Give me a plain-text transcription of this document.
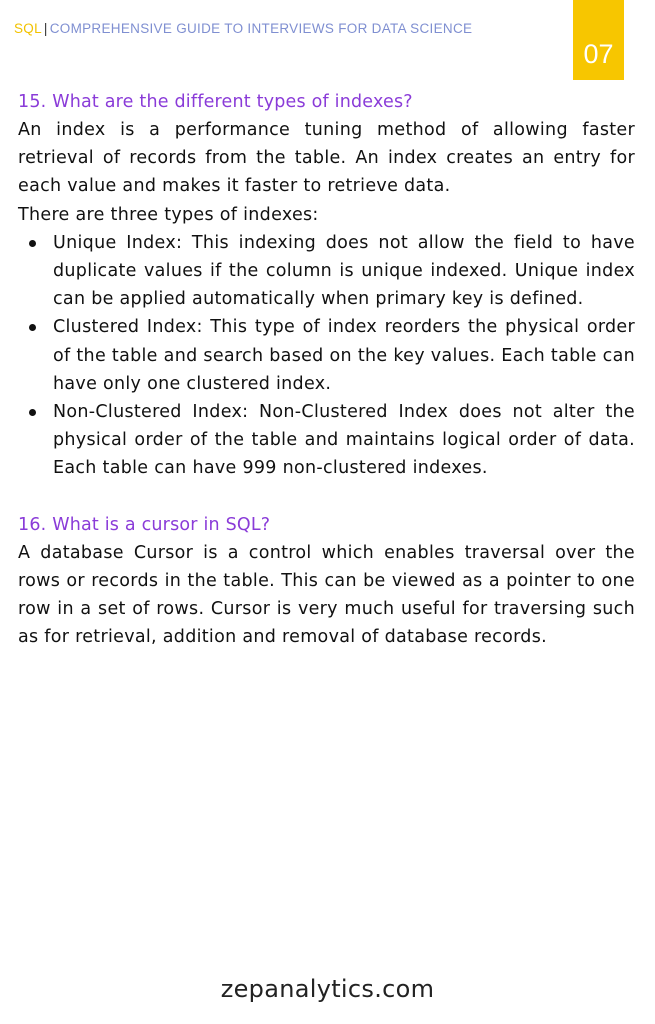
SQL | COMPREHENSIVE GUIDE TO INTERVIEWS FOR DATA SCIENCE
07
15. What are the different types of indexes?

An index is a performance tuning method of allowing faster retrieval of records from the table. An index creates an entry for each value and makes it faster to retrieve data.

There are three types of indexes:

Unique Index: This indexing does not allow the field to have duplicate values if the column is unique indexed. Unique index can be applied automatically when primary key is defined.
Clustered Index: This type of index reorders the physical order of the table and search based on the key values. Each table can have only one clustered index.
Non-Clustered Index: Non-Clustered Index does not alter the physical order of the table and maintains logical order of data. Each table can have 999 non-clustered indexes.
16. What is a cursor in SQL?

A database Cursor is a control which enables traversal over the rows or records in the table. This can be viewed as a pointer to one row in a set of rows. Cursor is very much useful for traversing such as for retrieval, addition and removal of database records.

zepanalytics.com
